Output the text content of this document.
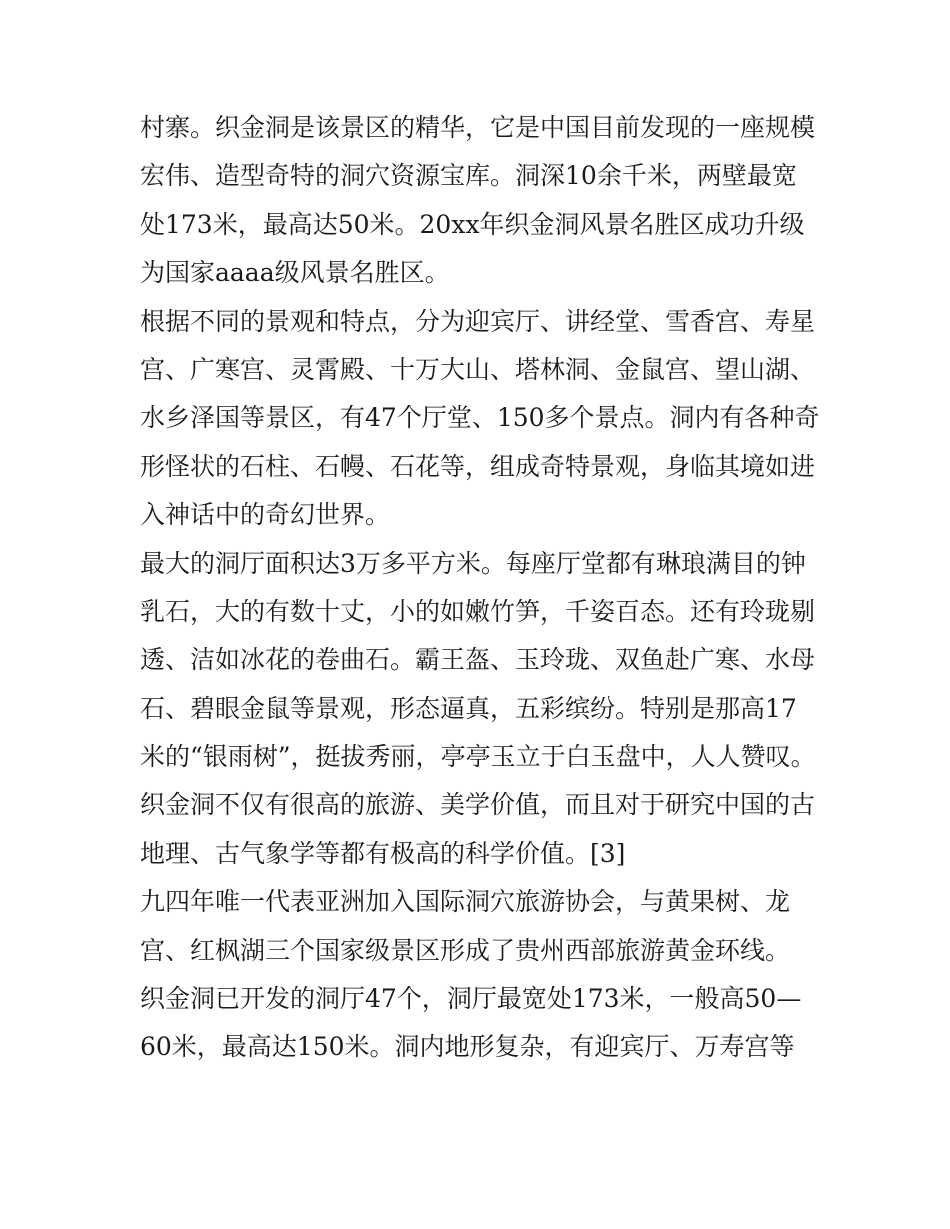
村寨。织金洞是该景区的精华，它是中国目前发现的一座规模
宏伟、造型奇特的洞穴资源宝库。洞深10余千米，两壁最宽
处173米，最高达50米。20xx年织金洞风景名胜区成功升级
为国家aaaa级风景名胜区。
根据不同的景观和特点，分为迎宾厅、讲经堂、雪香宫、寿星
宫、广寒宫、灵霄殿、十万大山、塔林洞、金鼠宫、望山湖、
水乡泽国等景区，有47个厅堂、150多个景点。洞内有各种奇
形怪状的石柱、石幔、石花等，组成奇特景观，身临其境如进
入神话中的奇幻世界。
最大的洞厅面积达3万多平方米。每座厅堂都有琳琅满目的钟
乳石，大的有数十丈，小的如嫩竹笋，千姿百态。还有玲珑剔
透、洁如冰花的卷曲石。霸王盔、玉玲珑、双鱼赴广寒、水母
石、碧眼金鼠等景观，形态逼真，五彩缤纷。特别是那高17
米的“银雨树”，挺拔秀丽，亭亭玉立于白玉盘中，人人赞叹。
织金洞不仅有很高的旅游、美学价值，而且对于研究中国的古
地理、古气象学等都有极高的科学价值。[3]
九四年唯一代表亚洲加入国际洞穴旅游协会，与黄果树、龙
宫、红枫湖三个国家级景区形成了贵州西部旅游黄金环线。
织金洞已开发的洞厅47个，洞厅最宽处173米，一般高50—
60米，最高达150米。洞内地形复杂，有迎宾厅、万寿宫等
